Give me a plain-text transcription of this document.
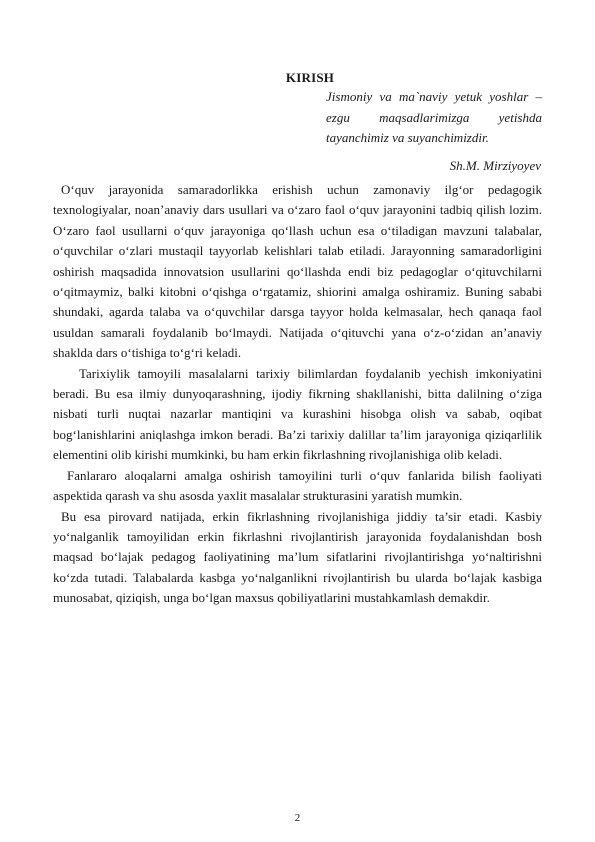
KIRISH
Jismoniy va ma`naviy yetuk yoshlar –
ezgu maqsadlarimizga yetishda
tayanchimiz va suyanchimizdir.
Sh.M. Mirziyoyev

O‘quv jarayonida samaradorlikka erishish uchun zamonaviy ilg‘or pedagogik texnologiyalar, noan’anaviy dars usullari va o‘zaro faol o‘quv jarayonini tadbiq qilish lozim. O‘zaro faol usullarni o‘quv jarayoniga qo‘llash uchun esa o‘tiladigan mavzuni talabalar, o‘quvchilar o‘zlari mustaqil tayyorlab kelishlari talab etiladi. Jarayonning samaradorligini oshirish maqsadida innovatsion usullarini qo‘llashda endi biz pedagoglar o‘qituvchilarni o‘qitmaymiz, balki kitobni o‘qishga o‘rgatamiz, shiorini amalga oshiramiz. Buning sababi shundaki, agarda talaba va o‘quvchilar darsga tayyor holda kelmasalar, hech qanaqa faol usuldan samarali foydalanib bo‘lmaydi. Natijada o‘qituvchi yana o‘z-o‘zidan an’anaviy shaklda dars o‘tishiga to‘g‘ri keladi.

Tarixiylik tamoyili masalalarni tarixiy bilimlardan foydalanib yechish imkoniyatini beradi. Bu esa ilmiy dunyoqarashning, ijodiy fikrning shakllanishi, bitta dalilning o‘ziga nisbati turli nuqtai nazarlar mantiqini va kurashini hisobga olish va sabab, oqibat bog‘lanishlarini aniqlashga imkon beradi. Ba’zi tarixiy dalillar ta’lim jarayoniga qiziqarlilik elementini olib kirishi mumkinki, bu ham erkin fikrlashning rivojlanishiga olib keladi.

Fanlararo aloqalarni amalga oshirish tamoyilini turli o‘quv fanlarida bilish faoliyati aspektida qarash va shu asosda yaxlit masalalar strukturasini yaratish mumkin.

Bu esa pirovard natijada, erkin fikrlashning rivojlanishiga jiddiy ta’sir etadi. Kasbiy yo‘nalganlik tamoyilidan erkin fikrlashni rivojlantirish jarayonida foydalanishdan bosh maqsad bo‘lajak pedagog faoliyatining ma’lum sifatlarini rivojlantirishga yo‘naltirishni ko‘zda tutadi. Talabalarda kasbga yo‘nalganlikni rivojlantirish bu ularda bo‘lajak kasbiga munosabat, qiziqish, unga bo‘lgan maxsus qobiliyatlarini mustahkamlash demakdir.

2
